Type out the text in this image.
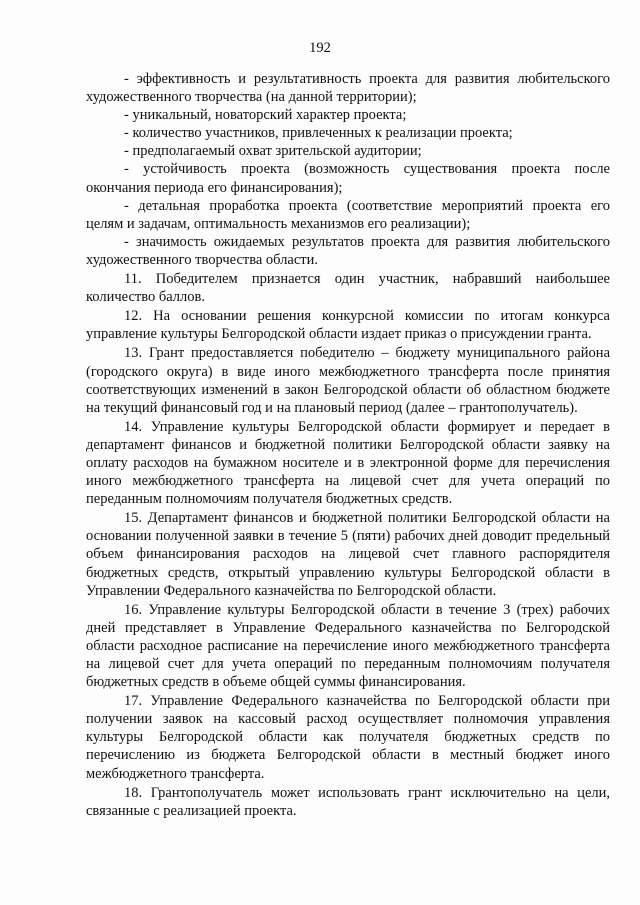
192

- эффективность и результативность проекта для развития любительского художественного творчества (на данной территории);

- уникальный, новаторский характер проекта;

- количество участников, привлеченных к реализации проекта;

- предполагаемый охват зрительской аудитории;

- устойчивость проекта (возможность существования проекта после окончания периода его финансирования);

- детальная проработка проекта (соответствие мероприятий проекта его целям и задачам, оптимальность механизмов его реализации);

- значимость ожидаемых результатов проекта для развития любительского художественного творчества области.

11. Победителем признается один участник, набравший наибольшее количество баллов.

12. На основании решения конкурсной комиссии по итогам конкурса управление культуры Белгородской области издает приказ о присуждении гранта.

13. Грант предоставляется победителю – бюджету муниципального района (городского округа) в виде иного межбюджетного трансферта после принятия соответствующих изменений в закон Белгородской области об областном бюджете на текущий финансовый год и на плановый период (далее – грантополучатель).

14. Управление культуры Белгородской области формирует и передает в департамент финансов и бюджетной политики Белгородской области заявку на оплату расходов на бумажном носителе и в электронной форме для перечисления иного межбюджетного трансферта на лицевой счет для учета операций по переданным полномочиям получателя бюджетных средств.

15. Департамент финансов и бюджетной политики Белгородской области на основании полученной заявки в течение 5 (пяти) рабочих дней доводит предельный объем финансирования расходов на лицевой счет главного распорядителя бюджетных средств, открытый управлению культуры Белгородской области в Управлении Федерального казначейства по Белгородской области.

16. Управление культуры Белгородской области в течение 3 (трех) рабочих дней представляет в Управление Федерального казначейства по Белгородской области расходное расписание на перечисление иного межбюджетного трансферта на лицевой счет для учета операций по переданным полномочиям получателя бюджетных средств в объеме общей суммы финансирования.

17. Управление Федерального казначейства по Белгородской области при получении заявок на кассовый расход осуществляет полномочия управления культуры Белгородской области как получателя бюджетных средств по перечислению из бюджета Белгородской области в местный бюджет иного межбюджетного трансферта.

18. Грантополучатель может использовать грант исключительно на цели, связанные с реализацией проекта.
